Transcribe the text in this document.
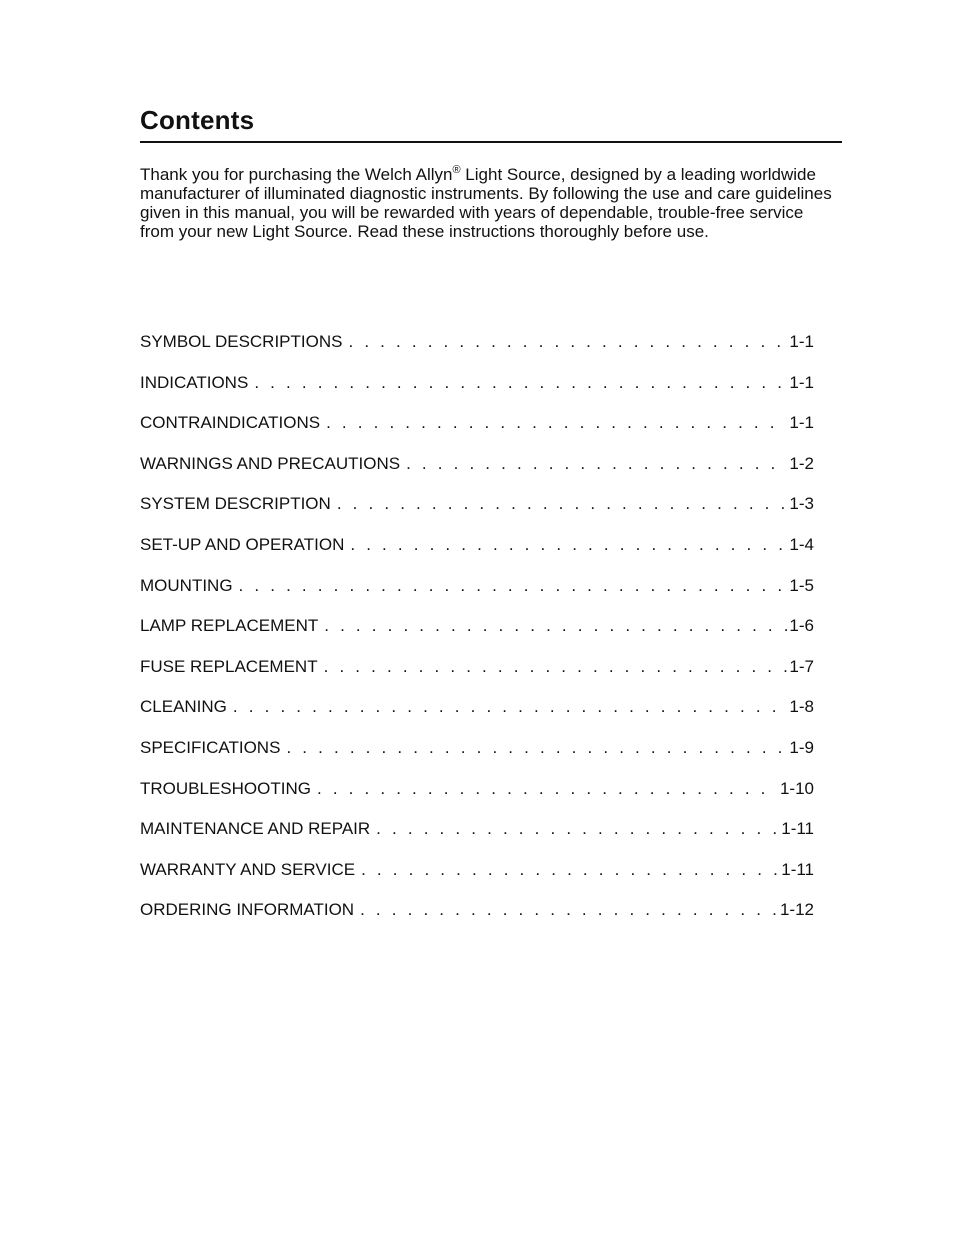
Contents

Thank you for purchasing the Welch Allyn® Light Source, designed by a leading worldwide manufacturer of illuminated diagnostic instruments. By following the use and care guidelines given in this manual, you will be rewarded with years of dependable, trouble-free service from your new Light Source. Read these instructions thoroughly before use.

SYMBOL DESCRIPTIONS . . .	1-1
INDICATIONS . . .	1-1
CONTRAINDICATIONS . . .	1-1
WARNINGS AND PRECAUTIONS . . .	1-2
SYSTEM DESCRIPTION . . .	1-3
SET-UP AND OPERATION . . .	1-4
MOUNTING . . .	1-5
LAMP REPLACEMENT . . .	1-6
FUSE REPLACEMENT . . .	1-7
CLEANING . . .	1-8
SPECIFICATIONS . . .	1-9
TROUBLESHOOTING . . .	1-10
MAINTENANCE AND REPAIR . . .	1-11
WARRANTY AND SERVICE . . .	1-11
ORDERING INFORMATION . . .	1-12
